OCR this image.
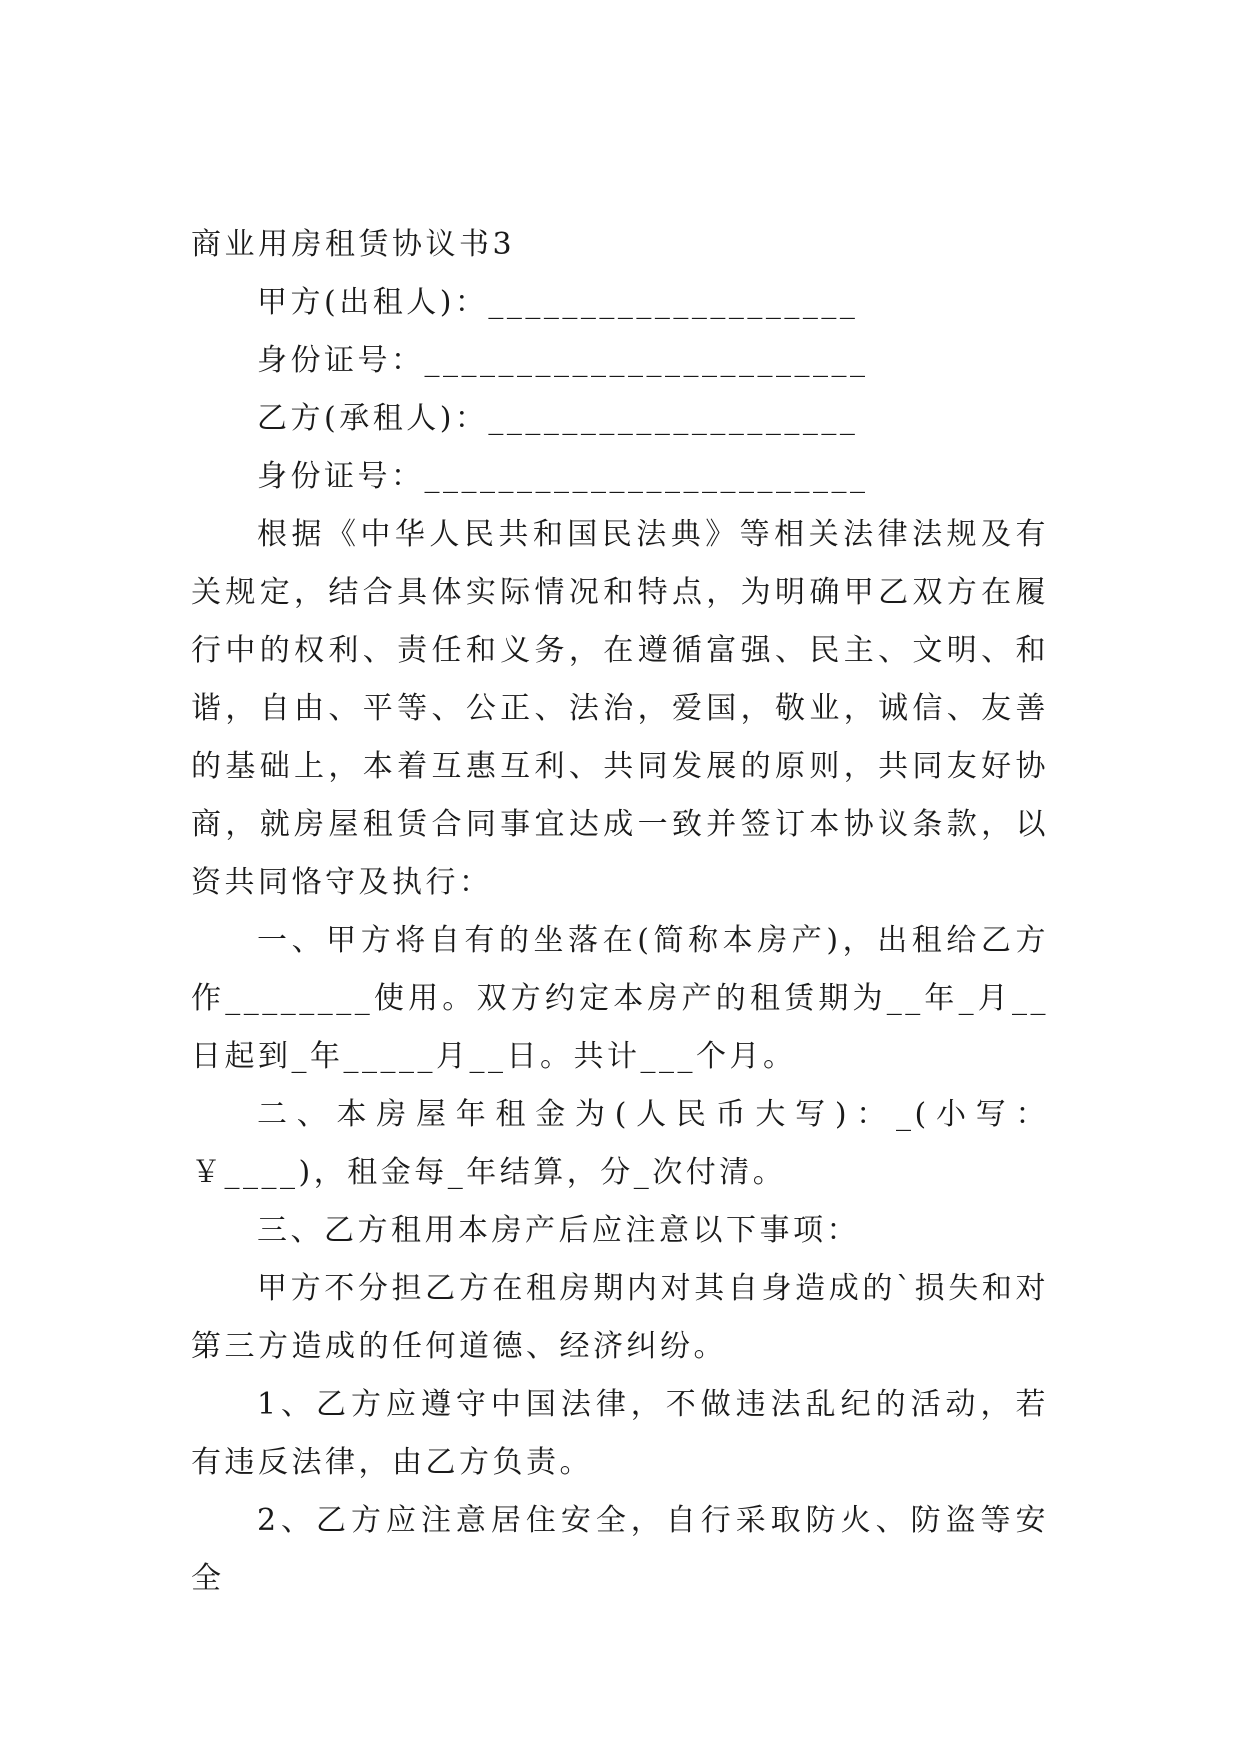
商业用房租赁协议书3
甲方(出租人)：____________________
身份证号：________________________
乙方(承租人)：____________________
身份证号：________________________

根据《中华人民共和国民法典》等相关法律法规及有关规定，结合具体实际情况和特点，为明确甲乙双方在履行中的权利、责任和义务，在遵循富强、民主、文明、和谐，自由、平等、公正、法治，爱国，敬业，诚信、友善的基础上，本着互惠互利、共同发展的原则，共同友好协商，就房屋租赁合同事宜达成一致并签订本协议条款，以资共同恪守及执行：

一、甲方将自有的坐落在(简称本房产)，出租给乙方作________使用。双方约定本房产的租赁期为__年_月__日起到_年_____月__日。共计___个月。

二、本房屋年租金为(人民币大写)：_(小写：￥____)，租金每_年结算，分_次付清。

三、乙方租用本房产后应注意以下事项：

甲方不分担乙方在租房期内对其自身造成的`损失和对第三方造成的任何道德、经济纠纷。

1、乙方应遵守中国法律，不做违法乱纪的活动，若有违反法律，由乙方负责。

2、乙方应注意居住安全，自行采取防火、防盗等安全
